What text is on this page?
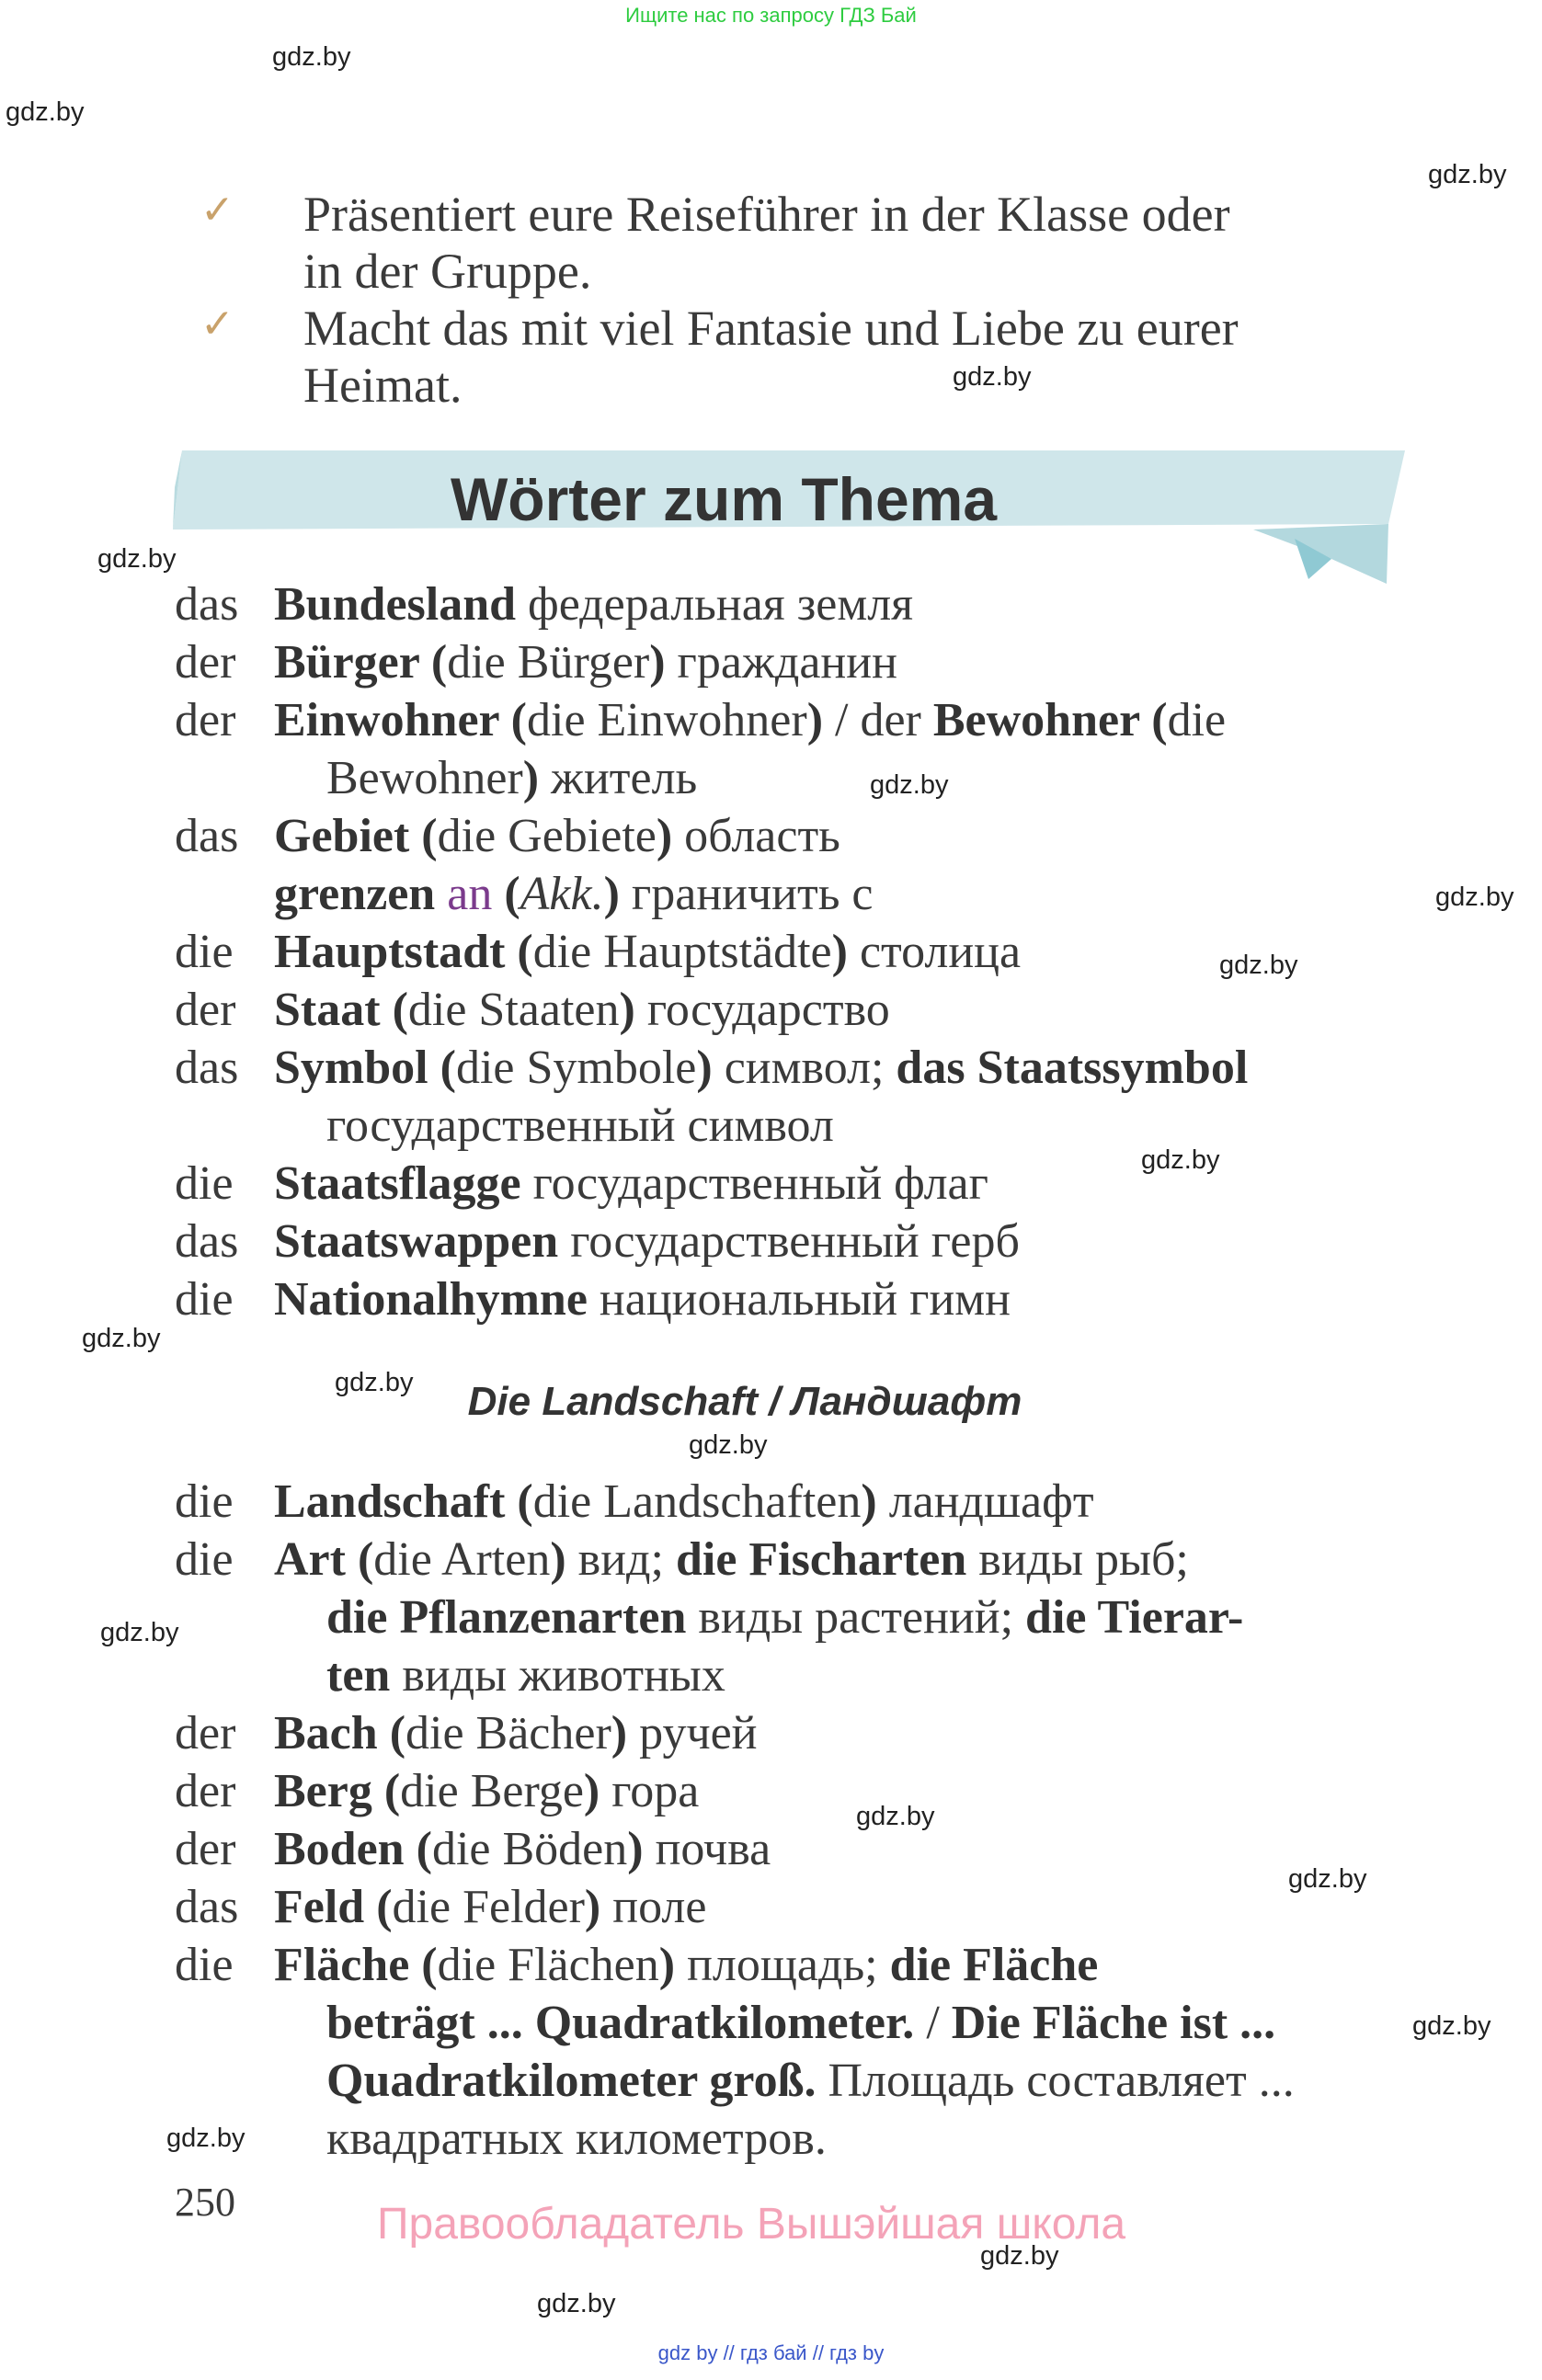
Ищите нас по запросу ГДЗ Бай
gdz.by
gdz.by
gdz.by
gdz.by
gdz.by
gdz.by
gdz.by
gdz.by
gdz.by
gdz.by
gdz.by
gdz.by
gdz.by
gdz.by
gdz.by
gdz.by
gdz.by
gdz.by
gdz.by
✓ Präsentiert eure Reiseführer in der Klasse oder
in der Gruppe.
✓ Macht das mit viel Fantasie und Liebe zu eurer
Heimat.
Wörter zum Thema
das Bundesland федеральная земля
der Bürger (die Bürger) гражданин
der Einwohner (die Einwohner) / der Bewohner (die
Bewohner) житель
das Gebiet (die Gebiete) область
grenzen an (Akk.) граничить с
die Hauptstadt (die Hauptstädte) столица
der Staat (die Staaten) государство
das Symbol (die Symbole) символ; das Staatssymbol
государственный символ
die Staatsflagge государственный флаг
das Staatswappen государственный герб
die Nationalhymne национальный гимн
Die Landschaft / Ландшафт
die Landschaft (die Landschaften) ландшафт
die Art (die Arten) вид; die Fischarten виды рыб;
die Pflanzenarten виды растений; die Tierar-
ten виды животных
der Bach (die Bächer) ручей
der Berg (die Berge) гора
der Boden (die Böden) почва
das Feld (die Felder) поле
die Fläche (die Flächen) площадь; die Fläche
beträgt ... Quadratkilometer. / Die Fläche ist ...
Quadratkilometer groß. Площадь составляет ...
квадратных километров.
250	Правообладатель Вышэйшая школа
gdz by // гдз бай // гдз by
